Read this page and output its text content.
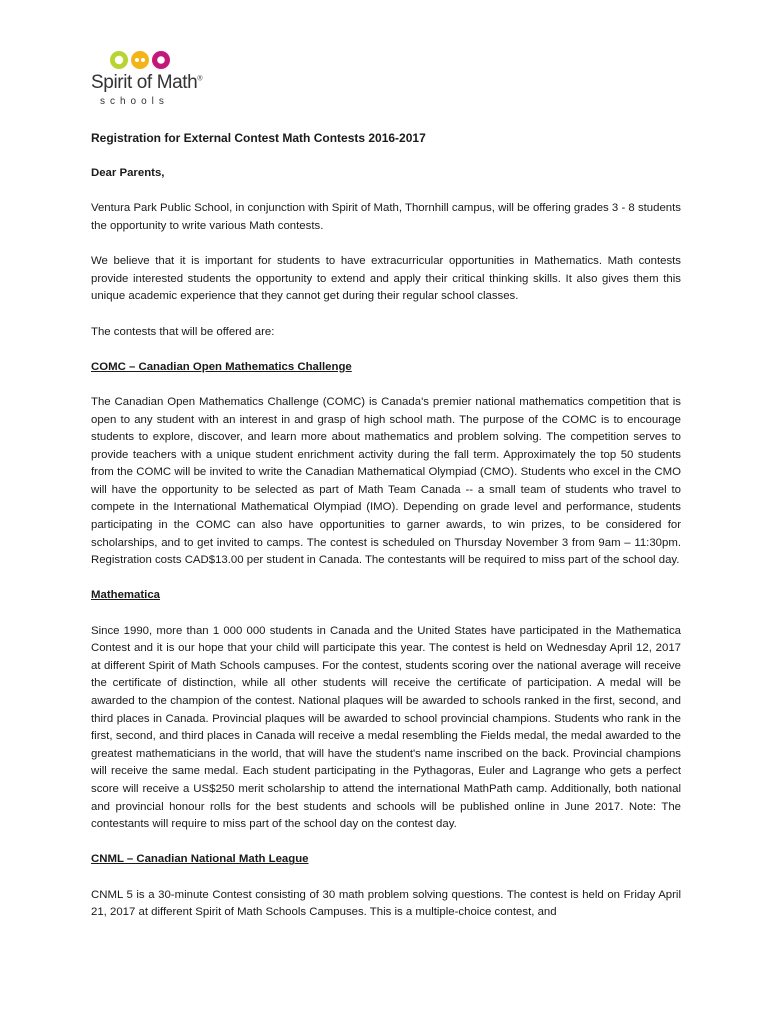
Spirit of Math®
schools

Registration for External Contest Math Contests 2016-2017

Dear Parents,

Ventura Park Public School, in conjunction with Spirit of Math, Thornhill campus, will be offering grades 3 - 8 students the opportunity to write various Math contests.

We believe that it is important for students to have extracurricular opportunities in Mathematics. Math contests provide interested students the opportunity to extend and apply their critical thinking skills. It also gives them this unique academic experience that they cannot get during their regular school classes.

The contests that will be offered are:

COMC – Canadian Open Mathematics Challenge

The Canadian Open Mathematics Challenge (COMC) is Canada's premier national mathematics competition that is open to any student with an interest in and grasp of high school math. The purpose of the COMC is to encourage students to explore, discover, and learn more about mathematics and problem solving. The competition serves to provide teachers with a unique student enrichment activity during the fall term. Approximately the top 50 students from the COMC will be invited to write the Canadian Mathematical Olympiad (CMO). Students who excel in the CMO will have the opportunity to be selected as part of Math Team Canada -- a small team of students who travel to compete in the International Mathematical Olympiad (IMO). Depending on grade level and performance, students participating in the COMC can also have opportunities to garner awards, to win prizes, to be considered for scholarships, and to get invited to camps. The contest is scheduled on Thursday November 3 from 9am – 11:30pm. Registration costs CAD$13.00 per student in Canada. The contestants will be required to miss part of the school day.

Mathematica

Since 1990, more than 1 000 000 students in Canada and the United States have participated in the Mathematica Contest and it is our hope that your child will participate this year. The contest is held on Wednesday April 12, 2017 at different Spirit of Math Schools campuses. For the contest, students scoring over the national average will receive the certificate of distinction, while all other students will receive the certificate of participation. A medal will be awarded to the champion of the contest. National plaques will be awarded to schools ranked in the first, second, and third places in Canada. Provincial plaques will be awarded to school provincial champions. Students who rank in the first, second, and third places in Canada will receive a medal resembling the Fields medal, the medal awarded to the greatest mathematicians in the world, that will have the student's name inscribed on the back. Provincial champions will receive the same medal. Each student participating in the Pythagoras, Euler and Lagrange who gets a perfect score will receive a US$250 merit scholarship to attend the international MathPath camp. Additionally, both national and provincial honour rolls for the best students and schools will be published online in June 2017. Note: The contestants will require to miss part of the school day on the contest day.

CNML – Canadian National Math League

CNML 5 is a 30-minute Contest consisting of 30 math problem solving questions. The contest is held on Friday April 21, 2017 at different Spirit of Math Schools Campuses. This is a multiple-choice contest, and
